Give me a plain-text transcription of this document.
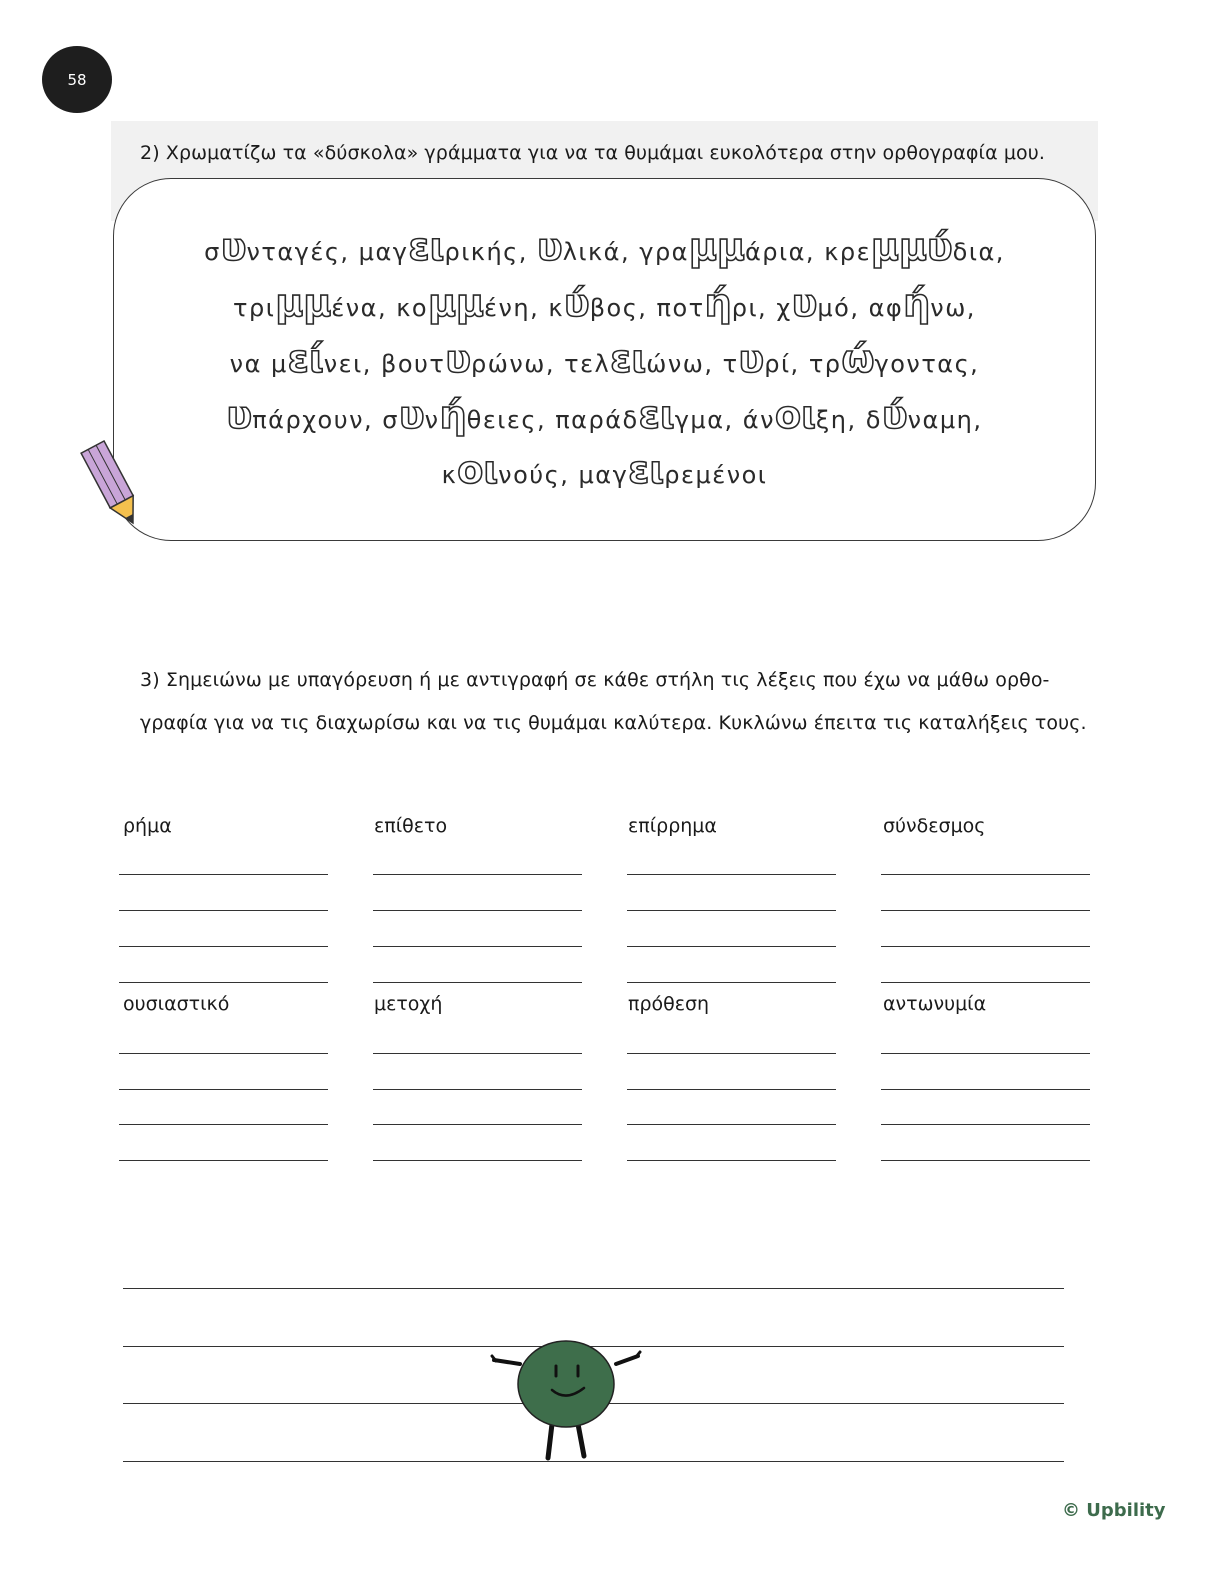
58
2) Χρωματίζω τα «δύσκολα» γράμματα για να τα θυμάμαι ευκολότερα στην ορθογραφία μου.
συνταγές, μαγειρικής, υλικά, γραμμάρια, κρεμμύδια,
τριμμένα, κομμένη, κύβος, ποτήρι, χυμό, αφήνω,
να μείνει, βουτυρώνω, τελειώνω, τυρί, τρώγοντας,
υπάρχουν, συνήθειες, παράδειγμα, άνοιξη, δύναμη,
κοινούς, μαγειρεμένοι
3) Σημειώνω με υπαγόρευση ή με αντιγραφή σε κάθε στήλη τις λέξεις που έχω να μάθω ορθο-
γραφία για να τις διαχωρίσω και να τις θυμάμαι καλύτερα. Κυκλώνω έπειτα τις καταλήξεις τους.
ρήμα	επίθετο	επίρρημα	σύνδεσμος
ουσιαστικό	μετοχή	πρόθεση	αντωνυμία
© Upbility
